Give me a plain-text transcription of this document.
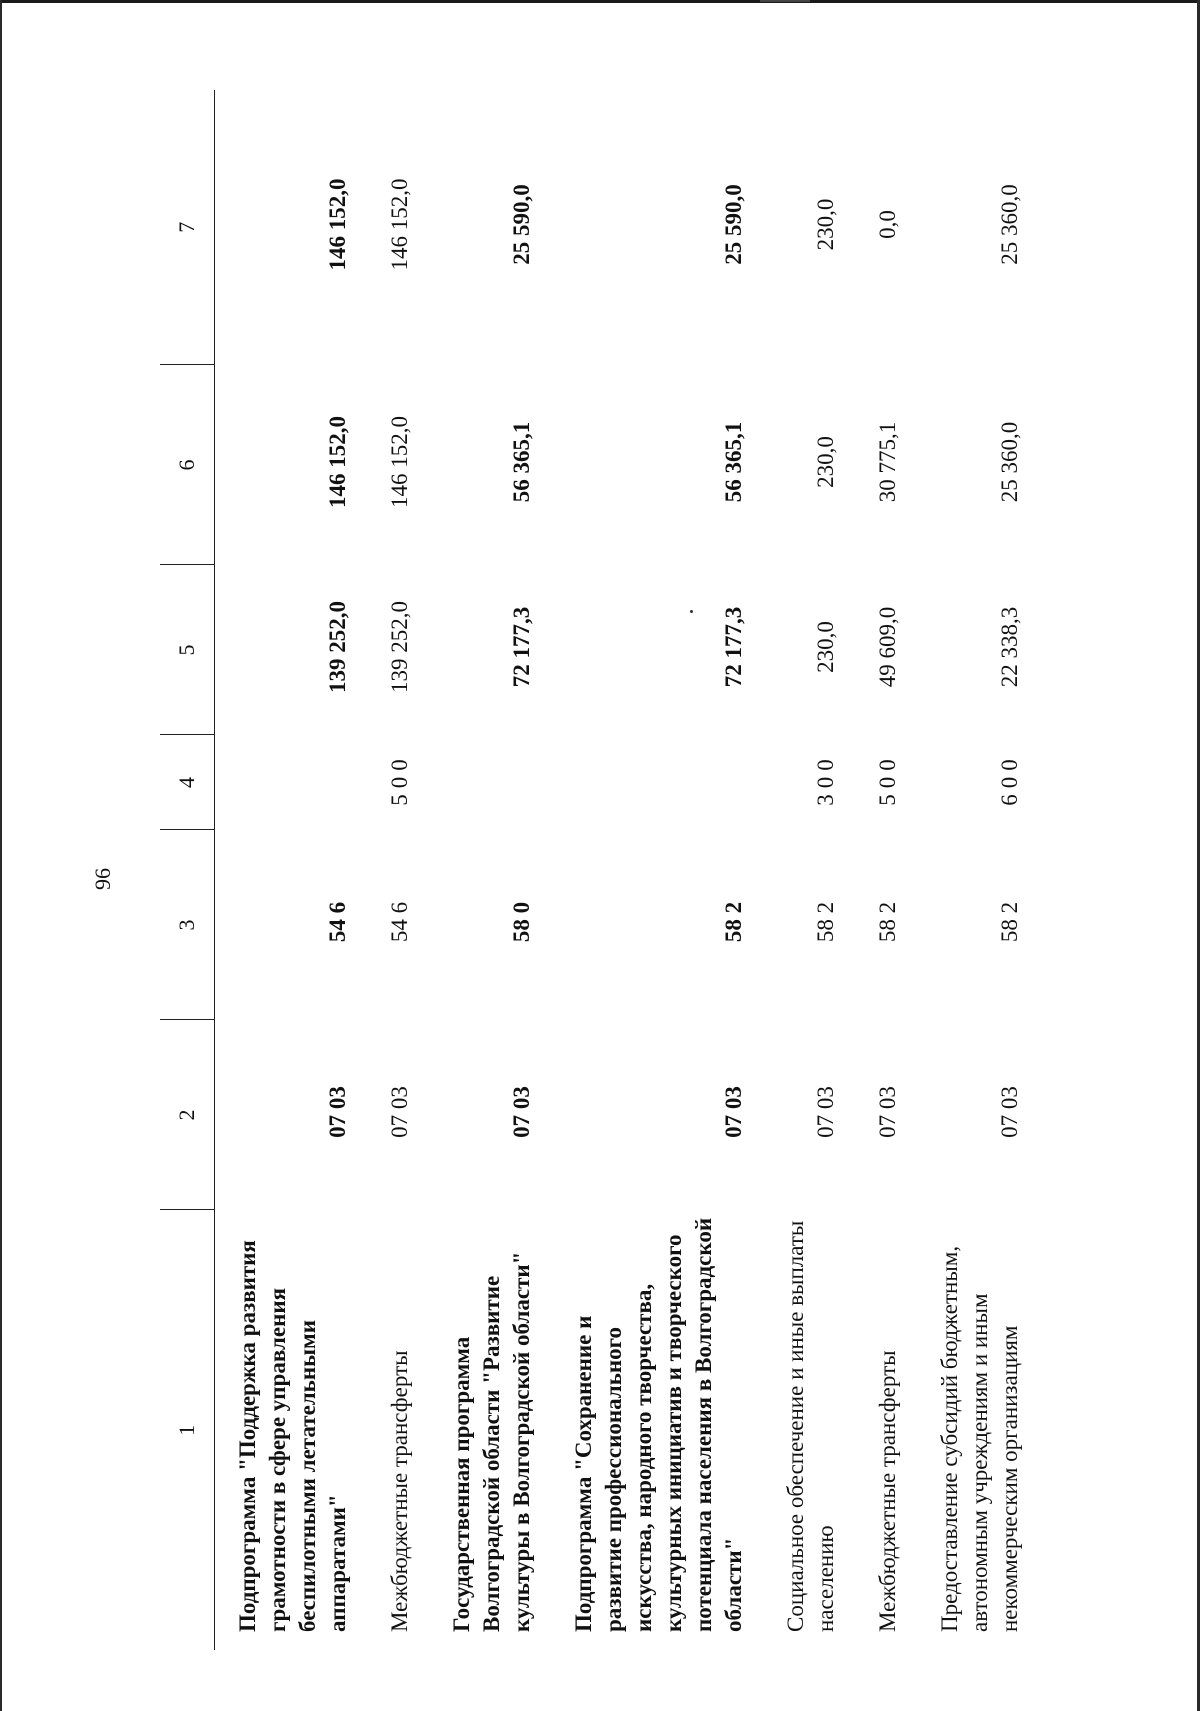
96
1	2	3	4	5	6	7
Подпрограмма "Поддержка развития грамотности в сфере управления беспилотными летательными аппаратами"	07 03	54 6		139 252,0	146 152,0	146 152,0
Межбюджетные трансферты	07 03	54 6	500	139 252,0	146 152,0	146 152,0
Государственная программа Волгоградской области "Развитие культуры в Волгоградской области"	07 03	58 0		72 177,3	56 365,1	25 590,0
Подпрограмма "Сохранение и развитие профессионального искусства, народного творчества, культурных инициатив и творческого потенциала населения в Волгоградской области"	07 03	58 2		72 177,3	56 365,1	25 590,0
Социальное обеспечение и иные выплаты населению	07 03	58 2	300	230,0	230,0	230,0
Межбюджетные трансферты	07 03	58 2	500	49 609,0	30 775,1	0,0
Предоставление субсидий бюджетным, автономным учреждениям и иным некоммерческим организациям	07 03	58 2	600	22 338,3	25 360,0	25 360,0
